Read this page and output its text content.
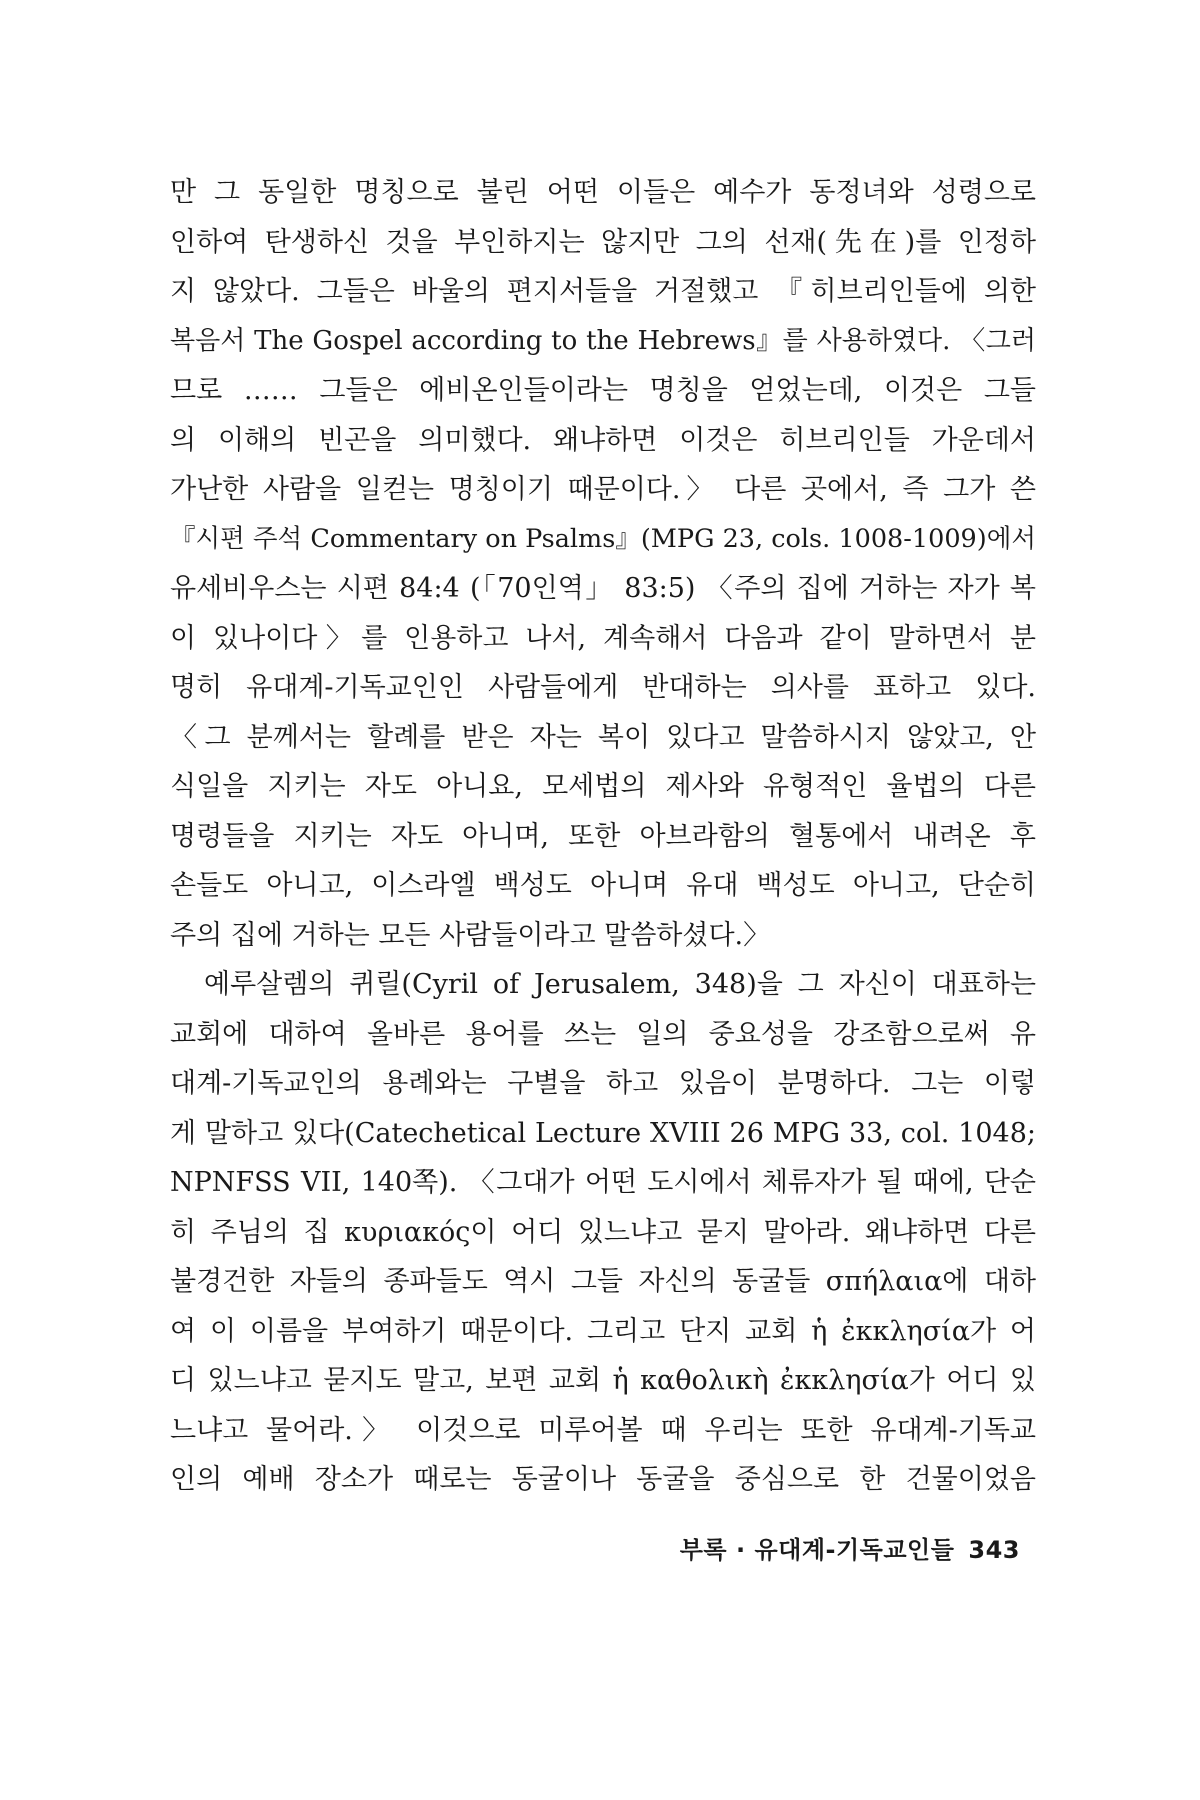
만 그 동일한 명칭으로 불린 어떤 이들은 예수가 동정녀와 성령으로
인하여 탄생하신 것을 부인하지는 않지만 그의 선재(先在)를 인정하
지 않았다. 그들은 바울의 편지서들을 거절했고 『히브리인들에 의한
복음서 The Gospel according to the Hebrews』를 사용하였다. 〈그러
므로 …… 그들은 에비온인들이라는 명칭을 얻었는데, 이것은 그들
의 이해의 빈곤을 의미했다. 왜냐하면 이것은 히브리인들 가운데서
가난한 사람을 일컫는 명칭이기 때문이다.〉 다른 곳에서, 즉 그가 쓴
『시편 주석 Commentary on Psalms』(MPG 23, cols. 1008-1009)에서
유세비우스는 시편 84:4 (「70인역」 83:5) 〈주의 집에 거하는 자가 복
이 있나이다〉를 인용하고 나서, 계속해서 다음과 같이 말하면서 분
명히 유대계-기독교인인 사람들에게 반대하는 의사를 표하고 있다.
〈그 분께서는 할례를 받은 자는 복이 있다고 말씀하시지 않았고, 안
식일을 지키는 자도 아니요, 모세법의 제사와 유형적인 율법의 다른
명령들을 지키는 자도 아니며, 또한 아브라함의 혈통에서 내려온 후
손들도 아니고, 이스라엘 백성도 아니며 유대 백성도 아니고, 단순히
주의 집에 거하는 모든 사람들이라고 말씀하셨다.〉
예루살렘의 퀴릴(Cyril of Jerusalem, 348)을 그 자신이 대표하는
교회에 대하여 올바른 용어를 쓰는 일의 중요성을 강조함으로써 유
대계-기독교인의 용례와는 구별을 하고 있음이 분명하다. 그는 이렇
게 말하고 있다(Catechetical Lecture XVIII 26 MPG 33, col. 1048;
NPNFSS VII, 140쪽). 〈그대가 어떤 도시에서 체류자가 될 때에, 단순
히 주님의 집 κυριακός이 어디 있느냐고 묻지 말아라. 왜냐하면 다른
불경건한 자들의 종파들도 역시 그들 자신의 동굴들 σπήλαια에 대하
여 이 이름을 부여하기 때문이다. 그리고 단지 교회 ἡ ἐκκλησία가 어
디 있느냐고 묻지도 말고, 보편 교회 ἡ καθολικὴ ἐκκλησία가 어디 있
느냐고 물어라.〉 이것으로 미루어볼 때 우리는 또한 유대계-기독교
인의 예배 장소가 때로는 동굴이나 동굴을 중심으로 한 건물이었음
부록 · 유대계-기독교인들 343
